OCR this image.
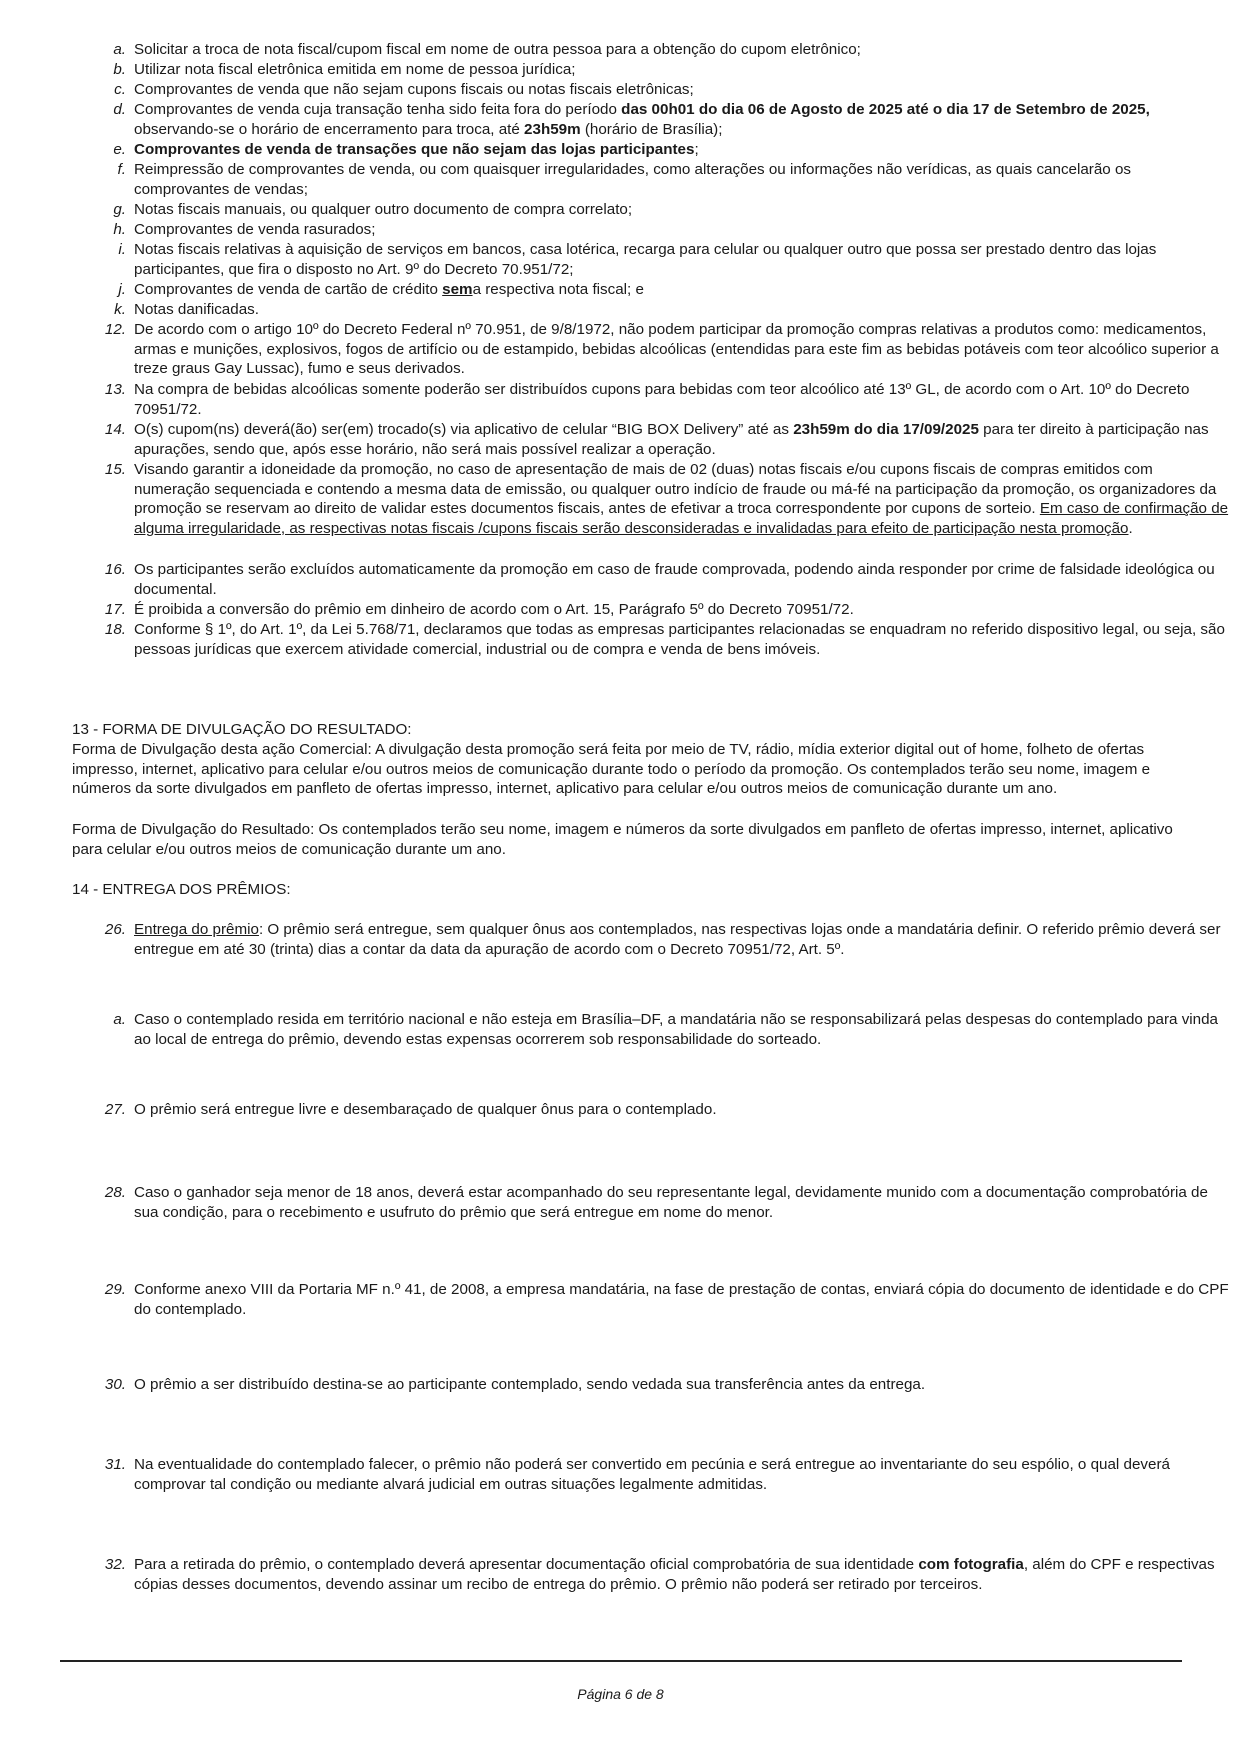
a. Solicitar a troca de nota fiscal/cupom fiscal em nome de outra pessoa para a obtenção do cupom eletrônico;
b. Utilizar nota fiscal eletrônica emitida em nome de pessoa jurídica;
c. Comprovantes de venda que não sejam cupons fiscais ou notas fiscais eletrônicas;
d. Comprovantes de venda cuja transação tenha sido feita fora do período das 00h01 do dia 06 de Agosto de 2025 até o dia 17 de Setembro de 2025, observando-se o horário de encerramento para troca, até 23h59m (horário de Brasília);
e. Comprovantes de venda de transações que não sejam das lojas participantes;
f. Reimpressão de comprovantes de venda, ou com quaisquer irregularidades, como alterações ou informações não verídicas, as quais cancelarão os comprovantes de vendas;
g. Notas fiscais manuais, ou qualquer outro documento de compra correlato;
h. Comprovantes de venda rasurados;
i. Notas fiscais relativas à aquisição de serviços em bancos, casa lotérica, recarga para celular ou qualquer outro que possa ser prestado dentro das lojas participantes, que fira o disposto no Art. 9º do Decreto 70.951/72;
j. Comprovantes de venda de cartão de crédito sema respectiva nota fiscal; e
k. Notas danificadas.
12. De acordo com o artigo 10º do Decreto Federal nº 70.951, de 9/8/1972, não podem participar da promoção compras relativas a produtos como: medicamentos, armas e munições, explosivos, fogos de artifício ou de estampido, bebidas alcoólicas (entendidas para este fim as bebidas potáveis com teor alcoólico superior a treze graus Gay Lussac), fumo e seus derivados.
13. Na compra de bebidas alcoólicas somente poderão ser distribuídos cupons para bebidas com teor alcoólico até 13º GL, de acordo com o Art. 10º do Decreto 70951/72.
14. O(s) cupom(ns) deverá(ão) ser(em) trocado(s) via aplicativo de celular “BIG BOX Delivery” até as 23h59m do dia 17/09/2025 para ter direito à participação nas apurações, sendo que, após esse horário, não será mais possível realizar a operação.
15. Visando garantir a idoneidade da promoção, no caso de apresentação de mais de 02 (duas) notas fiscais e/ou cupons fiscais de compras emitidos com numeração sequenciada e contendo a mesma data de emissão, ou qualquer outro indício de fraude ou má-fé na participação da promoção, os organizadores da promoção se reservam ao direito de validar estes documentos fiscais, antes de efetivar a troca correspondente por cupons de sorteio. Em caso de confirmação de alguma irregularidade, as respectivas notas fiscais /cupons fiscais serão desconsideradas e invalidadas para efeito de participação nesta promoção.
16. Os participantes serão excluídos automaticamente da promoção em caso de fraude comprovada, podendo ainda responder por crime de falsidade ideológica ou documental.
17. É proibida a conversão do prêmio em dinheiro de acordo com o Art. 15, Parágrafo 5º do Decreto 70951/72.
18. Conforme § 1º, do Art. 1º, da Lei 5.768/71, declaramos que todas as empresas participantes relacionadas se enquadram no referido dispositivo legal, ou seja, são pessoas jurídicas que exercem atividade comercial, industrial ou de compra e venda de bens imóveis.
13 - FORMA DE DIVULGAÇÃO DO RESULTADO:
Forma de Divulgação desta ação Comercial: A divulgação desta promoção será feita por meio de TV, rádio, mídia exterior digital out of home, folheto de ofertas impresso, internet, aplicativo para celular e/ou outros meios de comunicação durante todo o período da promoção. Os contemplados terão seu nome, imagem e números da sorte divulgados em panfleto de ofertas impresso, internet, aplicativo para celular e/ou outros meios de comunicação durante um ano.
Forma de Divulgação do Resultado: Os contemplados terão seu nome, imagem e números da sorte divulgados em panfleto de ofertas impresso, internet, aplicativo para celular e/ou outros meios de comunicação durante um ano.
14 - ENTREGA DOS PRÊMIOS:
26. Entrega do prêmio: O prêmio será entregue, sem qualquer ônus aos contemplados, nas respectivas lojas onde a mandatária definir. O referido prêmio deverá ser entregue em até 30 (trinta) dias a contar da data da apuração de acordo com o Decreto 70951/72, Art. 5º.
a. Caso o contemplado resida em território nacional e não esteja em Brasília–DF, a mandatária não se responsabilizará pelas despesas do contemplado para vinda ao local de entrega do prêmio, devendo estas expensas ocorrerem sob responsabilidade do sorteado.
27. O prêmio será entregue livre e desembaraçado de qualquer ônus para o contemplado.
28. Caso o ganhador seja menor de 18 anos, deverá estar acompanhado do seu representante legal, devidamente munido com a documentação comprobatória de sua condição, para o recebimento e usufruto do prêmio que será entregue em nome do menor.
29. Conforme anexo VIII da Portaria MF n.º 41, de 2008, a empresa mandatária, na fase de prestação de contas, enviará cópia do documento de identidade e do CPF do contemplado.
30. O prêmio a ser distribuído destina-se ao participante contemplado, sendo vedada sua transferência antes da entrega.
31. Na eventualidade do contemplado falecer, o prêmio não poderá ser convertido em pecúnia e será entregue ao inventariante do seu espólio, o qual deverá comprovar tal condição ou mediante alvará judicial em outras situações legalmente admitidas.
32. Para a retirada do prêmio, o contemplado deverá apresentar documentação oficial comprobatória de sua identidade com fotografia, além do CPF e respectivas cópias desses documentos, devendo assinar um recibo de entrega do prêmio. O prêmio não poderá ser retirado por terceiros.
Página 6 de 8
